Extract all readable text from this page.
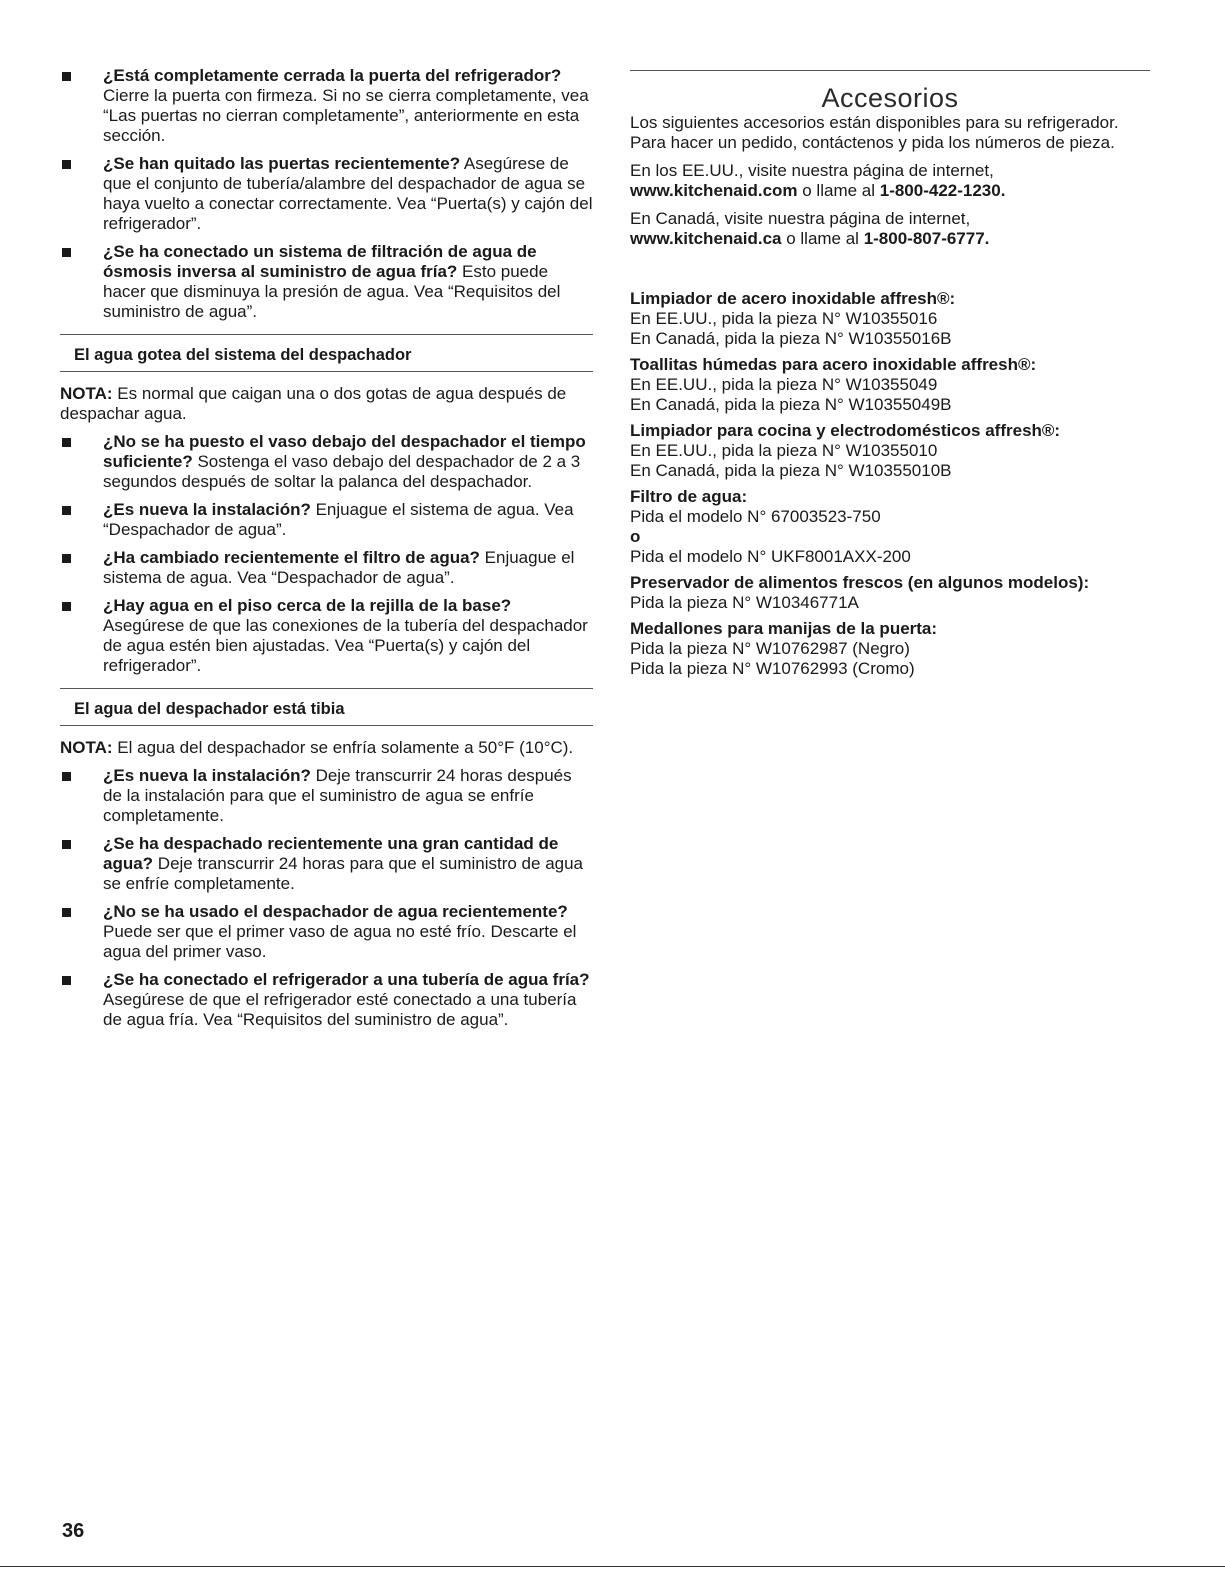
¿Está completamente cerrada la puerta del refrigerador? Cierre la puerta con firmeza. Si no se cierra completamente, vea “Las puertas no cierran completamente”, anteriormente en esta sección.
¿Se han quitado las puertas recientemente? Asegúrese de que el conjunto de tubería/alambre del despachador de agua se haya vuelto a conectar correctamente. Vea “Puerta(s) y cajón del refrigerador”.
¿Se ha conectado un sistema de filtración de agua de ósmosis inversa al suministro de agua fría? Esto puede hacer que disminuya la presión de agua. Vea “Requisitos del suministro de agua”.
El agua gotea del sistema del despachador

NOTA: Es normal que caigan una o dos gotas de agua después de despachar agua.

¿No se ha puesto el vaso debajo del despachador el tiempo suficiente? Sostenga el vaso debajo del despachador de 2 a 3 segundos después de soltar la palanca del despachador.
¿Es nueva la instalación? Enjuague el sistema de agua. Vea “Despachador de agua”.
¿Ha cambiado recientemente el filtro de agua? Enjuague el sistema de agua. Vea “Despachador de agua”.
¿Hay agua en el piso cerca de la rejilla de la base? Asegúrese de que las conexiones de la tubería del despachador de agua estén bien ajustadas. Vea “Puerta(s) y cajón del refrigerador”.
El agua del despachador está tibia

NOTA: El agua del despachador se enfría solamente a 50°F (10°C).

¿Es nueva la instalación? Deje transcurrir 24 horas después de la instalación para que el suministro de agua se enfríe completamente.
¿Se ha despachado recientemente una gran cantidad de agua? Deje transcurrir 24 horas para que el suministro de agua se enfríe completamente.
¿No se ha usado el despachador de agua recientemente? Puede ser que el primer vaso de agua no esté frío. Descarte el agua del primer vaso.
¿Se ha conectado el refrigerador a una tubería de agua fría? Asegúrese de que el refrigerador esté conectado a una tubería de agua fría. Vea “Requisitos del suministro de agua”.
Accesorios

Los siguientes accesorios están disponibles para su refrigerador. Para hacer un pedido, contáctenos y pida los números de pieza.

En los EE.UU., visite nuestra página de internet,
www.kitchenaid.com o llame al 1-800-422-1230.

En Canadá, visite nuestra página de internet,
www.kitchenaid.ca o llame al 1-800-807-6777.

Limpiador de acero inoxidable affresh®:
En EE.UU., pida la pieza N° W10355016
En Canadá, pida la pieza N° W10355016B
Toallitas húmedas para acero inoxidable affresh®:
En EE.UU., pida la pieza N° W10355049
En Canadá, pida la pieza N° W10355049B
Limpiador para cocina y electrodomésticos affresh®:
En EE.UU., pida la pieza N° W10355010
En Canadá, pida la pieza N° W10355010B
Filtro de agua:
Pida el modelo N° 67003523-750
o
Pida el modelo N° UKF8001AXX-200
Preservador de alimentos frescos (en algunos modelos):
Pida la pieza N° W10346771A
Medallones para manijas de la puerta:
Pida la pieza N° W10762987 (Negro)
Pida la pieza N° W10762993 (Cromo)
36
